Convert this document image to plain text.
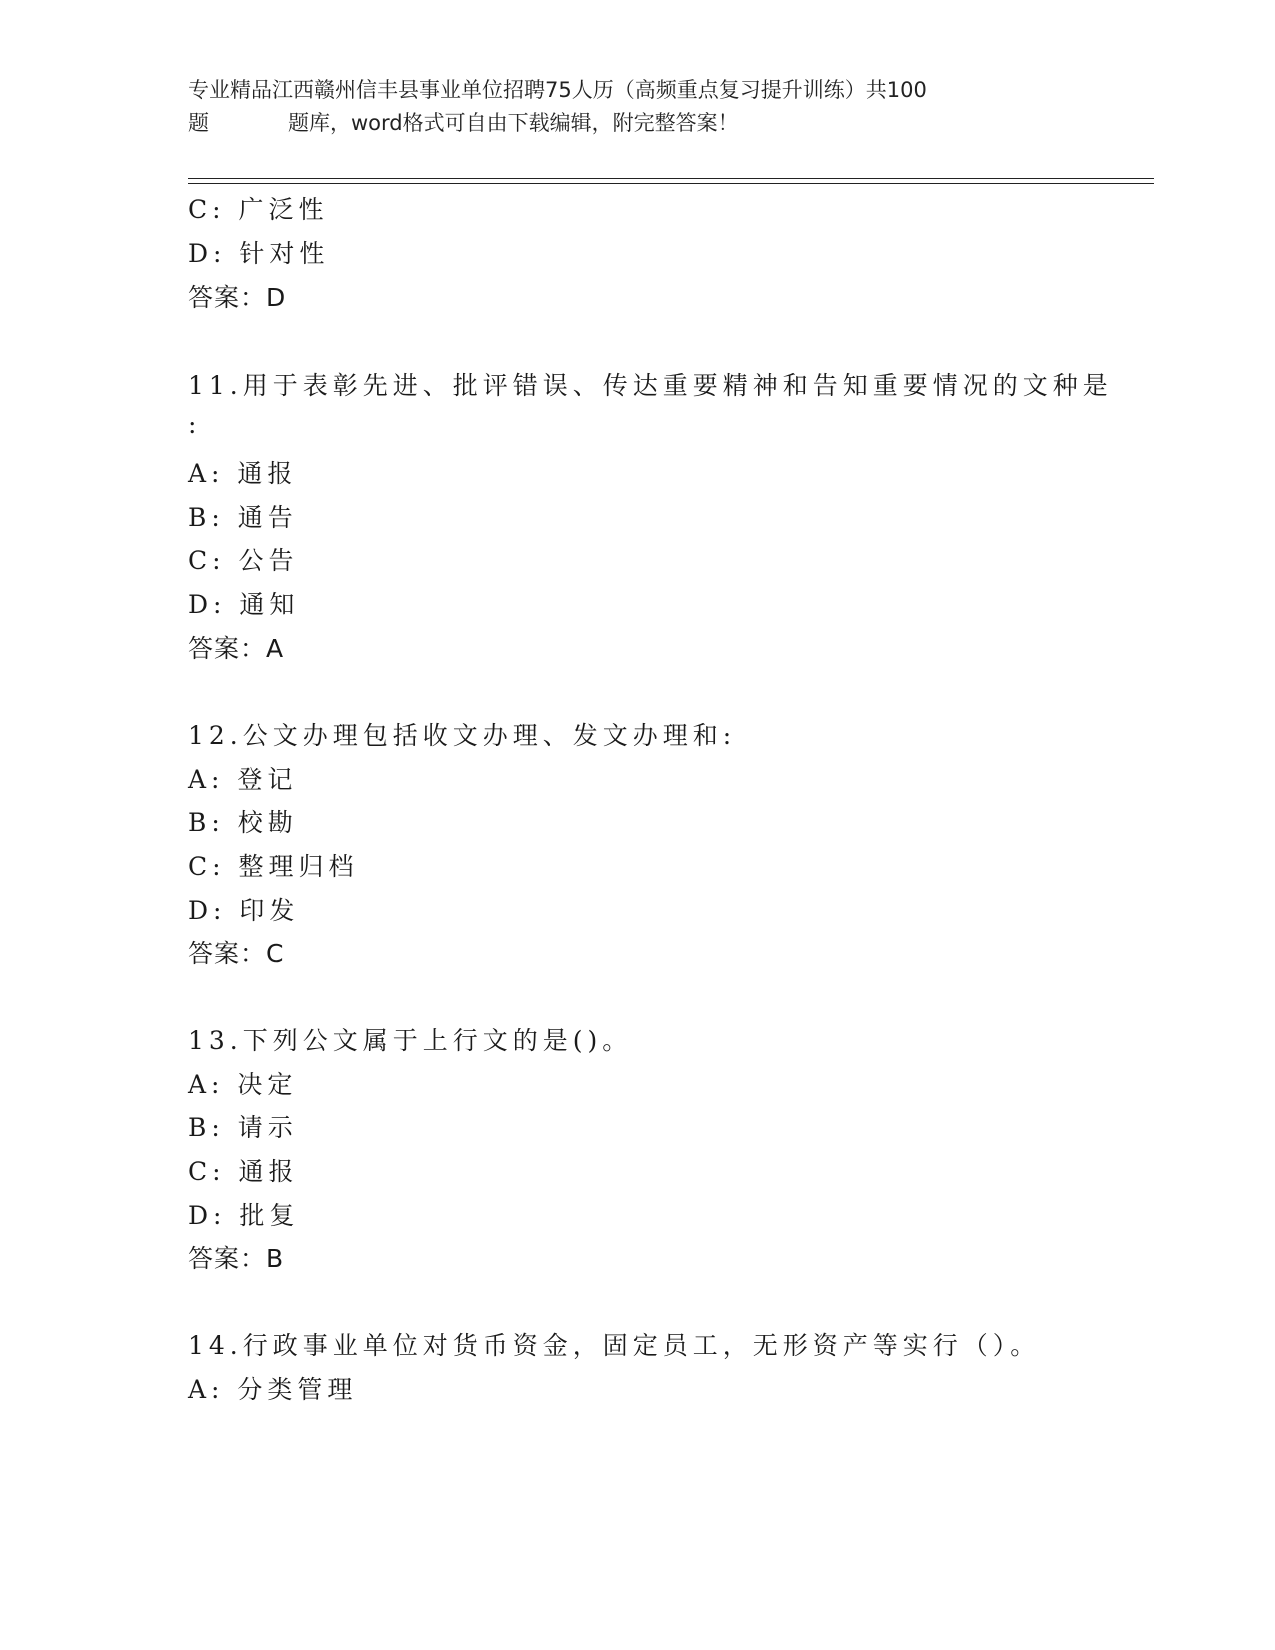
专业精品江西赣州信丰县事业单位招聘75人历（高频重点复习提升训练）共100
题	题库，word格式可自由下载编辑，附完整答案！
C: 广泛性
D: 针对性
答案：D
11.用于表彰先进、批评错误、传达重要精神和告知重要情况的文种是
:
A: 通报
B: 通告
C: 公告
D: 通知
答案：A
12.公文办理包括收文办理、发文办理和:
A: 登记
B: 校勘
C: 整理归档
D: 印发
答案：C
13.下列公文属于上行文的是()。
A: 决定
B: 请示
C: 通报
D: 批复
答案：B
14.行政事业单位对货币资金，固定员工，无形资产等实行（）。
A: 分类管理
